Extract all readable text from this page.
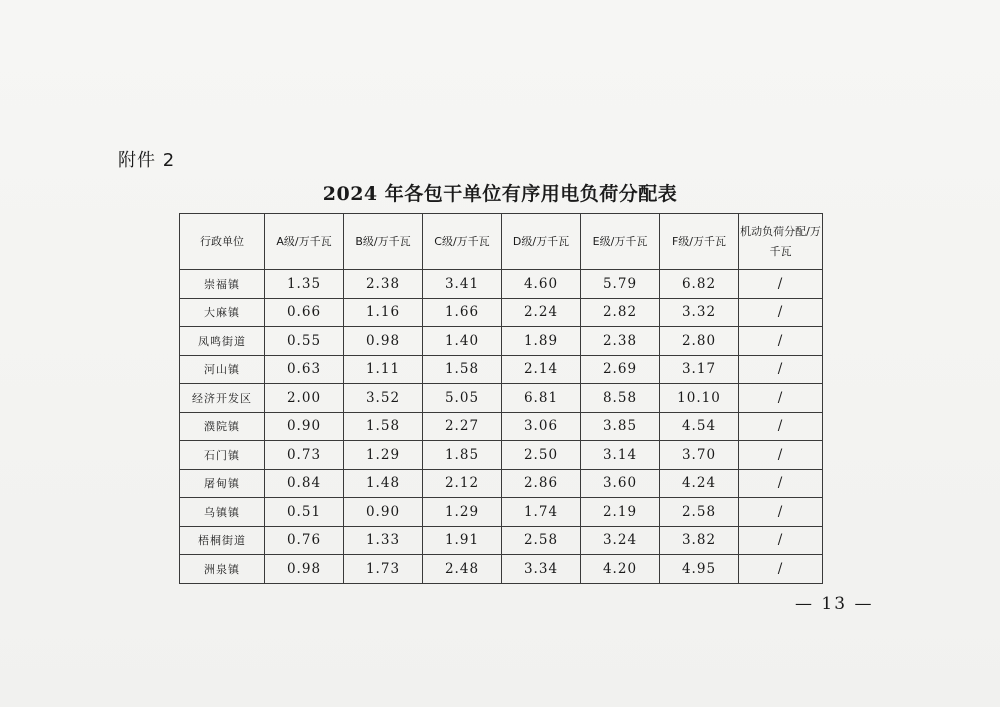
附件 2
2024 年各包干单位有序用电负荷分配表
行政单位	A级/万千瓦	B级/万千瓦	C级/万千瓦	D级/万千瓦	E级/万千瓦	F级/万千瓦	机动负荷分配/万千瓦
崇福镇	1.35	2.38	3.41	4.60	5.79	6.82	/
大麻镇	0.66	1.16	1.66	2.24	2.82	3.32	/
凤鸣街道	0.55	0.98	1.40	1.89	2.38	2.80	/
河山镇	0.63	1.11	1.58	2.14	2.69	3.17	/
经济开发区	2.00	3.52	5.05	6.81	8.58	10.10	/
濮院镇	0.90	1.58	2.27	3.06	3.85	4.54	/
石门镇	0.73	1.29	1.85	2.50	3.14	3.70	/
屠甸镇	0.84	1.48	2.12	2.86	3.60	4.24	/
乌镇镇	0.51	0.90	1.29	1.74	2.19	2.58	/
梧桐街道	0.76	1.33	1.91	2.58	3.24	3.82	/
洲泉镇	0.98	1.73	2.48	3.34	4.20	4.95	/
— 13 —
